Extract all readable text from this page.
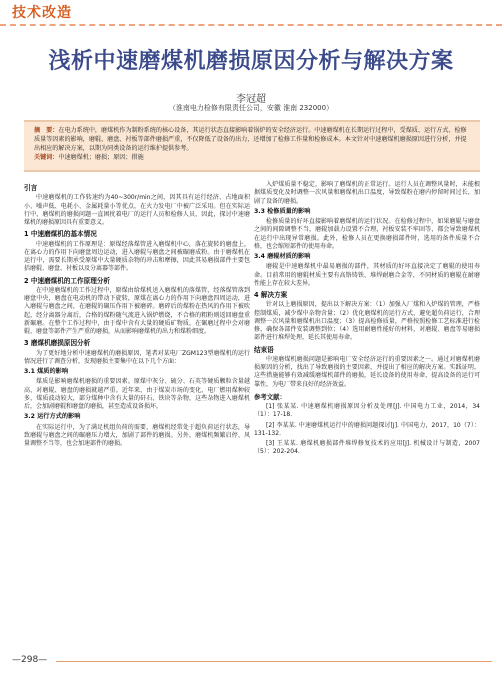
技术改造
浅析中速磨煤机磨损原因分析与解决方案
李冠超
（淮南电力检修有限责任公司，安徽 淮南 232000）
摘　要：在电力系统中，磨煤机作为制粉系统的核心设备，其运行状态直接影响着锅炉的安全经济运行。中速磨煤机在长期运行过程中，受煤质、运行方式、检修质量等因素的影响，磨辊、磨盘、衬板等部件磨损严重，不仅降低了设备的出力，还增加了检修工作量和检修成本。本文针对中速磨煤机磨损原因进行分析，并提出相应的解决方案，以期为同类设备的运行维护提供参考。
关键词：中速磨煤机；磨损；原因；措施
引言

中速磨煤机的工作转速约为40~300r/min之间，因其具有运行经济、占地面积小、噪声低、电耗小、金属耗量小等优点，在火力发电厂中被广泛采用。但在实际运行中，磨煤机的磨损问题一直困扰着电厂的运行人员和检修人员，因此，探讨中速磨煤机的磨损原因具有重要意义。

1 中速磨煤机的基本情况

中速磨煤机的工作原理是：原煤经落煤管进入磨煤机中心，落在旋转的磨盘上，在离心力的作用下向磨盘周边运动，进入磨辊与磨盘之间被碾磨成粉。由于磨煤机在运行中，需要长期承受原煤中大量硬质杂物的冲击和摩擦，因此其易磨损部件主要包括磨辊、磨盘、衬板以及分离器等部件。

2 中速磨煤机的工作原理分析

在中速磨煤机的工作过程中，原煤由给煤机送入磨煤机的落煤管，经落煤管落到磨盘中央，磨盘在电动机的带动下旋转，原煤在离心力的作用下向磨盘四周运动，进入磨辊与磨盘之间，在磨辊的碾压作用下被磨碎。磨碎后的煤粉在热风的作用下被吹起，经分离器分离后，合格的煤粉随气流进入锅炉燃烧，不合格的粗粉则返回磨盘重新碾磨。在整个工作过程中，由于煤中含有大量的硬质矿物质，在碾磨过程中会对磨辊、磨盘等部件产生严重的磨损，从而影响磨煤机的出力和煤粉细度。

3 磨煤机磨损原因分析

为了更好地分析中速磨煤机的磨损原因，笔者对某电厂ZGM123型磨煤机的运行情况进行了调查分析，发现磨损主要集中在以下几个方面：

3.1 煤质的影响

煤质是影响磨煤机磨损的重要因素。原煤中灰分、硫分、石英等硬质颗粒含量越高，对磨辊、磨盘的磨损就越严重。近年来，由于煤炭市场的变化，电厂燃用煤种较多，煤质波动较大，部分煤种中含有大量的矸石、铁块等杂物，这些杂物进入磨煤机后，会加剧磨辊和磨盘的磨损，甚至造成设备损坏。

3.2 运行方式的影响

在实际运行中，为了满足机组负荷的需要，磨煤机经常处于超负荷运行状态，导致磨辊与磨盘之间的碾磨压力增大，加剧了部件的磨损。另外，磨煤机频繁启停、风量调整不当等，也会加速部件的磨损。

入炉煤质量不稳定，影响了磨煤机的正常运行。运行人员在调整风量时，未能根据煤质变化及时调整一次风量和磨煤机出口温度，导致煤粉在磨内停留时间过长，加剧了设备的磨损。

3.3 检修质量的影响

检修质量的好坏直接影响着磨煤机的运行状况。在检修过程中，如果磨辊与磨盘之间的间隙调整不当，磨辊加载力设置不合理，衬板安装不牢固等，都会导致磨煤机在运行中出现异常磨损。此外，检修人员在更换磨损部件时，选用的备件质量不合格，也会缩短部件的使用寿命。

3.4 磨辊材质的影响

磨辊是中速磨煤机中最易磨损的部件，其材质的好坏直接决定了磨辊的使用寿命。目前常用的磨辊材质主要有高铬铸铁、堆焊耐磨合金等，不同材质的磨辊在耐磨性能上存在较大差异。

4 解决方案

针对以上磨损原因，提出以下解决方案：（1）加强入厂煤和入炉煤的管理，严格控制煤质，减少煤中杂物含量；（2）优化磨煤机的运行方式，避免超负荷运行，合理调整一次风量和磨煤机出口温度；（3）提高检修质量，严格按照检修工艺标准进行检修，确保各部件安装调整到位；（4）选用耐磨性能好的材料，对磨辊、磨盘等易磨损部件进行堆焊处理，延长其使用寿命。

结束语

中速磨煤机磨损问题是影响电厂安全经济运行的重要因素之一。通过对磨煤机磨损原因的分析，找出了导致磨损的主要因素，并提出了相应的解决方案。实践证明，这些措施能够有效减缓磨煤机部件的磨损，延长设备的使用寿命，提高设备的运行可靠性，为电厂带来良好的经济效益。

参考文献：

[1] 张某某. 中速磨煤机磨损原因分析及处理[J]. 中国电力工业，2014，34（1）：17-18.

[2] 李某某. 中速磨煤机运行中的磨损问题探讨[J]. 中国电力，2017，10（7）：131-132.

[3] 王某某. 磨煤机磨损部件堆焊修复技术的应用[J]. 机械设计与制造，2007（5）：202-204.

—298—
